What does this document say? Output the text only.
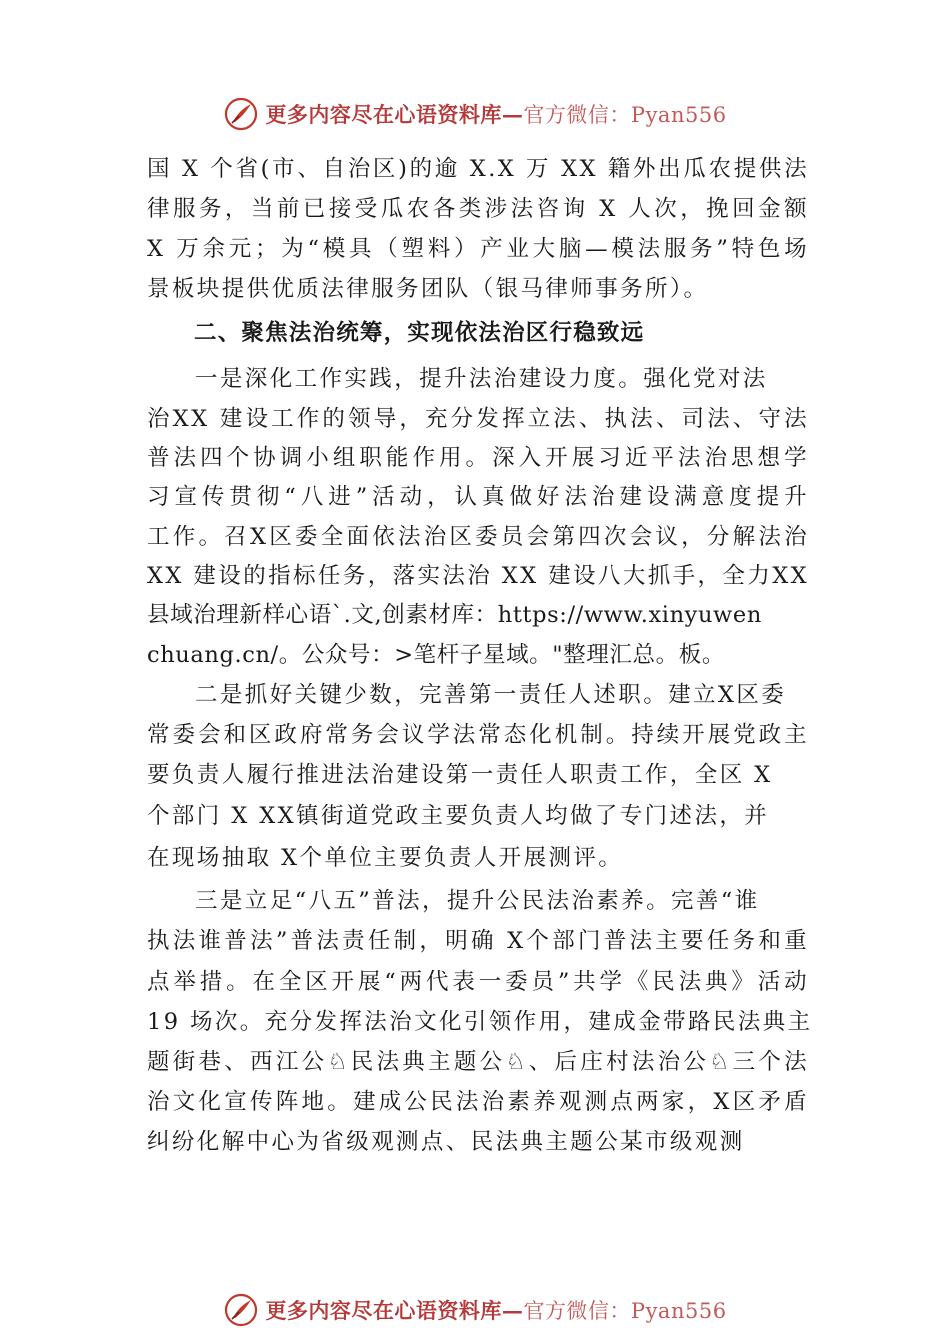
更多内容尽在心语资料库—官方微信：Pyan556
国 X 个省(市、自治区)的逾 X.X 万 XX 籍外出瓜农提供法
律服务，当前已接受瓜农各类涉法咨询 X 人次，挽回金额
X 万余元；为“模具（塑料）产业大脑—模法服务”特色场
景板块提供优质法律服务团队（银马律师事务所）。
二、聚焦法治统筹，实现依法治区行稳致远
一是深化工作实践，提升法治建设力度。强化党对法
治XX 建设工作的领导，充分发挥立法、执法、司法、守法
普法四个协调小组职能作用。深入开展习近平法治思想学
习宣传贯彻“八进”活动，认真做好法治建设满意度提升
工作。召X区委全面依法治区委员会第四次会议，分解法治
XX 建设的指标任务，落实法治 XX 建设八大抓手，全力XX
县域治理新样心语`.文,创素材库：https://www.xinyuwen
chuang.cn/。公众号：>笔杆子星域。"整理汇总。板。
二是抓好关键少数，完善第一责任人述职。建立X区委
常委会和区政府常务会议学法常态化机制。持续开展党政主
要负责人履行推进法治建设第一责任人职责工作，全区 X
个部门 X XX镇街道党政主要负责人均做了专门述法，并
在现场抽取 X个单位主要负责人开展测评。
三是立足“八五”普法，提升公民法治素养。完善“谁
执法谁普法”普法责任制，明确 X个部门普法主要任务和重
点举措。在全区开展“两代表一委员”共学《民法典》活动
19 场次。充分发挥法治文化引领作用，建成金带路民法典主
题街巷、西江公♘民法典主题公♘、后庄村法治公♘三个法
治文化宣传阵地。建成公民法治素养观测点两家，X区矛盾
纠纷化解中心为省级观测点、民法典主题公某市级观测
更多内容尽在心语资料库—官方微信：Pyan556
